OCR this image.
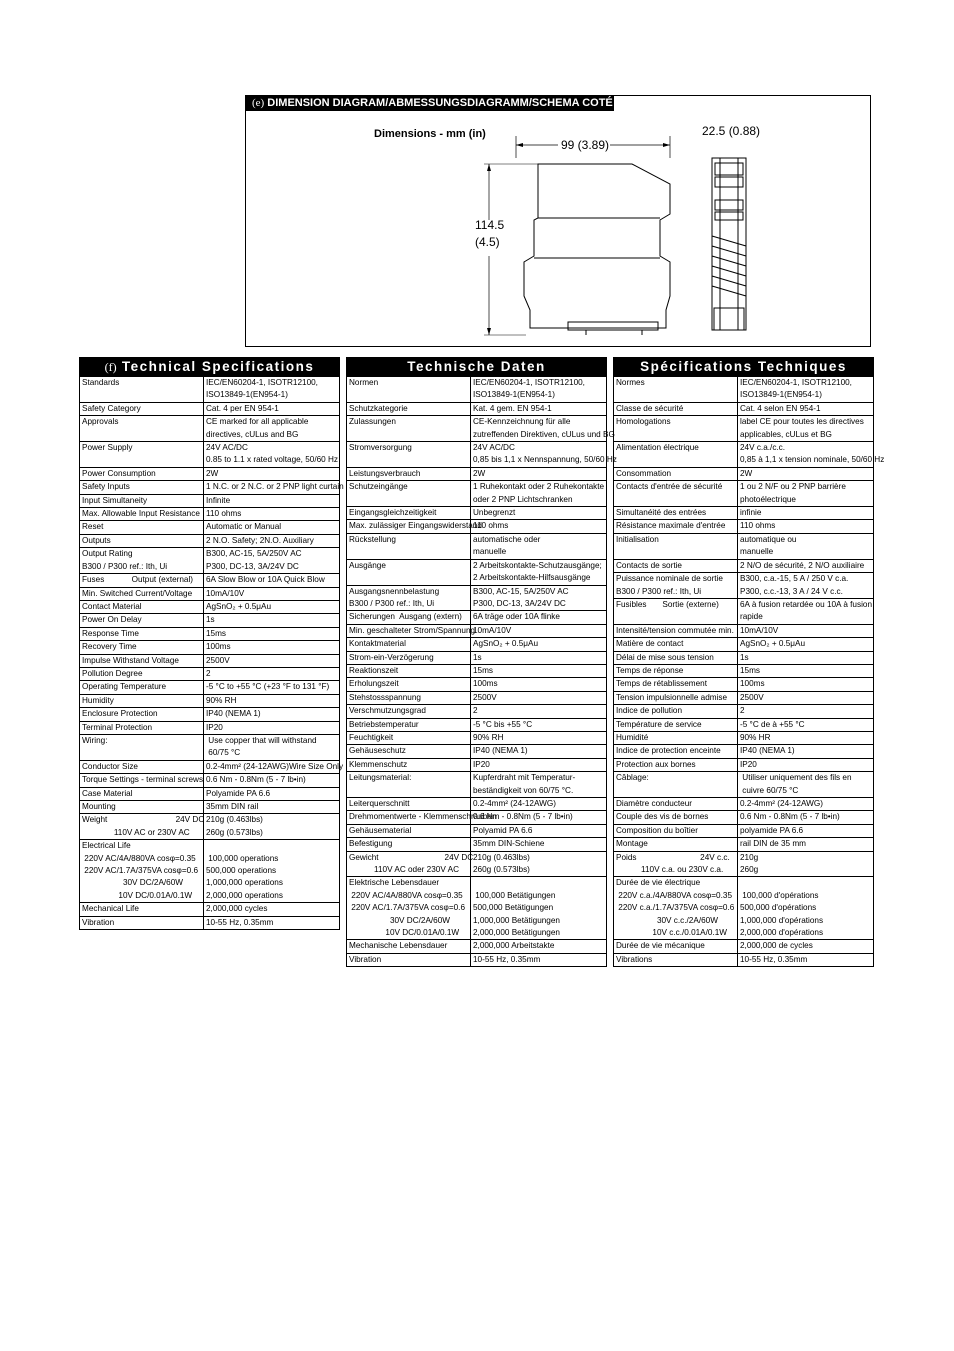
(e) DIMENSION DIAGRAM/ABMESSUNGSDIAGRAMM/SCHEMA COTÉ
Dimensions - mm (in)
99 (3.89)
22.5 (0.88)
114.5
(4.5)
(f) Technical Specifications
Standards	IEC/EN60204-1, ISOTR12100,
ISO13849-1(EN954-1)

Safety Category	Cat. 4 per EN 954-1

Approvals	CE marked for all applicable
directives, cULus and BG

Power Supply	24V AC/DC
0.85 to 1.1 x rated voltage, 50/60 Hz

Power Consumption	2W

Safety Inputs	1 N.C. or 2 N.C. or 2 PNP light curtain

Input Simultaneity	Infinite

Max. Allowable Input Resistance	110 ohms

Reset	Automatic or Manual

Outputs	2 N.O. Safety; 2N.O. Auxiliary

Output Rating
B300 / P300 ref.: Ith, Ui	B300, AC-15, 5A/250V AC
P300, DC-13, 3A/24V DC

Fuses            Output (external)	6A Slow Blow or 10A Quick Blow

Min. Switched Current/Voltage	10mA/10V

Contact Material	AgSnO₂ + 0.5μAu

Power On Delay	1s

Response Time	15ms

Recovery Time	100ms

Impulse Withstand Voltage	2500V

Pollution Degree	2

Operating Temperature	-5 °C to +55 °C (+23 °F to 131 °F)

Humidity	90% RH

Enclosure Protection	IP40 (NEMA 1)

Terminal Protection	IP20

Wiring:	Use copper that will withstand
60/75 °C

Conductor Size	0.2-4mm² (24-12AWG)Wire Size Only

Torque Settings - terminal screws	0.6 Nm - 0.8Nm (5 - 7 lb•in)

Case Material	Polyamide PA 6.6

Mounting	35mm DIN rail

Weight                              24V DC
110V AC or 230V AC	210g (0.463lbs)
260g (0.573lbs)

Electrical Life
220V AC/4A/880VA cosφ=0.35
220V AC/1.7A/375VA cosφ=0.6
30V DC/2A/60W
10V DC/0.01A/0.1W	100,000 operations
500,000 operations
1,000,000 operations
2,000,000 operations

Mechanical Life	2,000,000 cycles

Vibration	10-55 Hz, 0.35mm
Technische Daten
Normen	IEC/EN60204-1, ISOTR12100,
ISO13849-1(EN954-1)

Schutzkategorie	Kat. 4 gem. EN 954-1

Zulassungen	CE-Kennzeichnung für alle
zutreffenden Direktiven, cULus und BG

Stromversorgung	24V AC/DC
0,85 bis 1,1 x Nennspannung, 50/60 Hz

Leistungsverbrauch	2W

Schutzeingänge	1 Ruhekontakt oder 2 Ruhekontakte
oder 2 PNP Lichtschranken

Eingangsgleichzeitigkeit	Unbegrenzt

Max. zulässiger Eingangswiderstand	110 ohms

Rückstellung	automatische oder
manuelle

Ausgänge	2 Arbeitskontakte-Schutzausgänge;
2 Arbeitskontakte-Hilfsausgänge

Ausgangsnennbelastung
B300 / P300 ref.: Ith, Ui	B300, AC-15, 5A/250V AC
P300, DC-13, 3A/24V DC

Sicherungen  Ausgang (extern)	6A träge oder 10A flinke

Min. geschalteter Strom/Spannung	10mA/10V

Kontaktmaterial	AgSnO₂ + 0.5μAu

Strom-ein-Verzögerung	1s

Reaktionszeit	15ms

Erholungszeit	100ms

Stehstossspannung	2500V

Verschmutzungsgrad	2

Betriebstemperatur	-5 °C bis +55 °C

Feuchtigkeit	90% RH

Gehäuseschutz	IP40 (NEMA 1)

Klemmenschutz	IP20

Leitungsmaterial:	Kupferdraht mit Temperatur-
beständigkeit von 60/75 °C.

Leiterquerschnitt	0.2-4mm² (24-12AWG)

Drehmomentwerte - Klemmenschrauben	0.6 Nm - 0.8Nm (5 - 7 lb•in)

Gehäusematerial	Polyamid PA 6.6

Befestigung	35mm DIN-Schiene

Gewicht                             24V DC
110V AC oder 230V AC	210g (0.463lbs)
260g (0.573lbs)

Elektrische Lebensdauer
220V AC/4A/880VA cosφ=0.35
220V AC/1.7A/375VA cosφ=0.6
30V DC/2A/60W
10V DC/0.01A/0.1W	100,000 Betätigungen
500,000 Betätigungen
1,000,000 Betätigungen
2,000,000 Betätigungen

Mechanische Lebensdauer	2,000,000 Arbeitstakte

Vibration	10-55 Hz, 0.35mm
Spécifications Techniques
Normes	IEC/EN60204-1, ISOTR12100,
ISO13849-1(EN954-1)

Classe de sécurité	Cat. 4 selon EN 954-1

Homologations	label CE pour toutes les directives
applicables, cULus et BG

Alimentation électrique	24V c.a./c.c.
0,85 à 1,1 x tension nominale, 50/60 Hz

Consommation	2W

Contacts d'entrée de sécurité	1 ou 2 N/F ou 2 PNP barrière
photoélectrique

Simultanéité des entrées	infinie

Résistance maximale d'entrée	110 ohms

Initialisation	automatique ou
manuelle

Contacts de sortie	2 N/O de sécurité, 2 N/O auxiliaire

Puissance nominale de sortie
B300 / P300 ref.: Ith, Ui	B300, c.a.-15, 5 A / 250 V c.a.
P300, c.c.-13, 3 A / 24 V c.c.

Fusibles       Sortie (externe)	6A à fusion retardée ou 10A à fusion
rapide

Intensité/tension commutée min.	10mA/10V

Matière de contact	AgSnO₂ + 0.5μAu

Délai de mise sous tension	1s

Temps de réponse	15ms

Temps de rétablissement	100ms

Tension impulsionnelle admise	2500V

Indice de pollution	2

Température de service	-5 °C de à +55 °C

Humidité	90% HR

Indice de protection enceinte	IP40 (NEMA 1)

Protection aux bornes	IP20

Câblage:	Utiliser uniquement des fils en
cuivre 60/75 °C

Diamètre conducteur	0.2-4mm² (24-12AWG)

Couple des vis de bornes	0.6 Nm - 0.8Nm (5 - 7 lb•in)

Composition du boîtier	polyamide PA 6.6

Montage	rail DIN de 35 mm

Poids                            24V c.c.
110V c.a. ou 230V c.a.	210g
260g

Durée de vie électrique
220V c.a./4A/880VA cosφ=0.35
220V c.a./1.7A/375VA cosφ=0.6
30V c.c./2A/60W
10V c.c./0.01A/0.1W	100,000 d'opérations
500,000 d'opérations
1,000,000 d'opérations
2,000,000 d'opérations

Durée de vie mécanique	2,000,000 de cycles

Vibrations	10-55 Hz, 0.35mm
